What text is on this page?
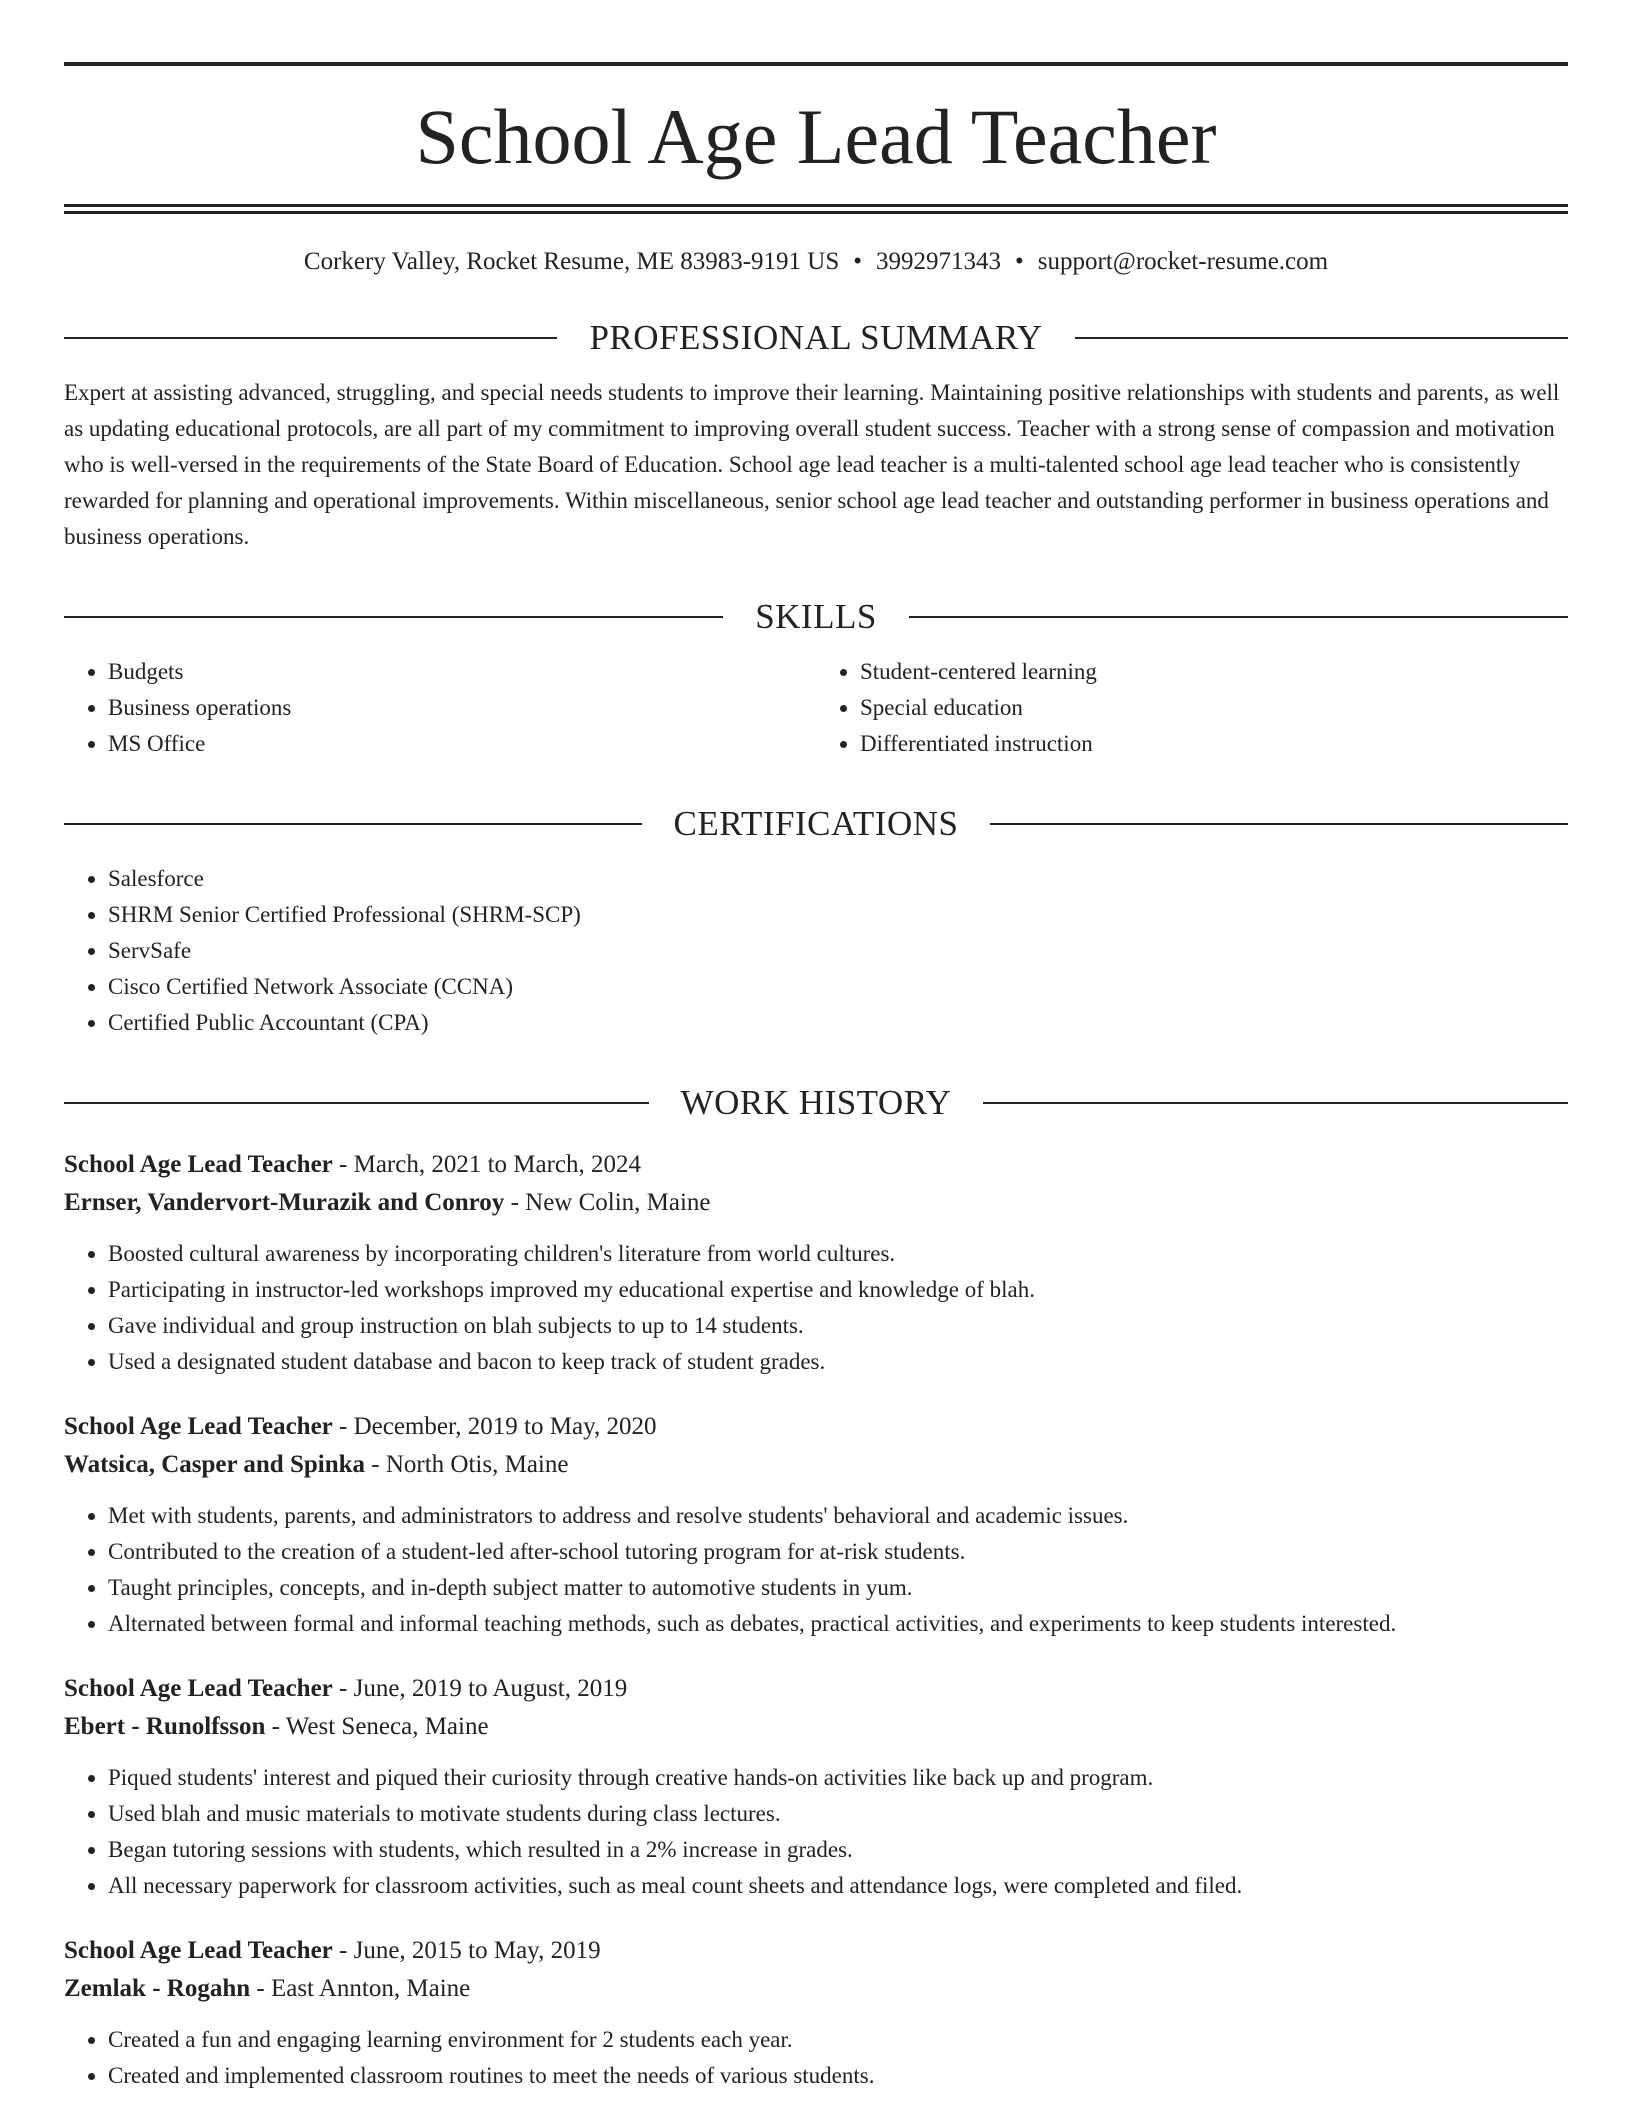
School Age Lead Teacher
Corkery Valley, Rocket Resume, ME 83983-9191 US • 3992971343 • support@rocket-resume.com
PROFESSIONAL SUMMARY
Expert at assisting advanced, struggling, and special needs students to improve their learning. Maintaining positive relationships with students and parents, as well as updating educational protocols, are all part of my commitment to improving overall student success. Teacher with a strong sense of compassion and motivation who is well-versed in the requirements of the State Board of Education. School age lead teacher is a multi-talented school age lead teacher who is consistently rewarded for planning and operational improvements. Within miscellaneous, senior school age lead teacher and outstanding performer in business operations and business operations.
SKILLS
• Budgets
• Business operations
• MS Office
• Student-centered learning
• Special education
• Differentiated instruction
CERTIFICATIONS
• Salesforce
• SHRM Senior Certified Professional (SHRM-SCP)
• ServSafe
• Cisco Certified Network Associate (CCNA)
• Certified Public Accountant (CPA)
WORK HISTORY
School Age Lead Teacher - March, 2021 to March, 2024
Ernser, Vandervort-Murazik and Conroy - New Colin, Maine
• Boosted cultural awareness by incorporating children's literature from world cultures.
• Participating in instructor-led workshops improved my educational expertise and knowledge of blah.
• Gave individual and group instruction on blah subjects to up to 14 students.
• Used a designated student database and bacon to keep track of student grades.
School Age Lead Teacher - December, 2019 to May, 2020
Watsica, Casper and Spinka - North Otis, Maine
• Met with students, parents, and administrators to address and resolve students' behavioral and academic issues.
• Contributed to the creation of a student-led after-school tutoring program for at-risk students.
• Taught principles, concepts, and in-depth subject matter to automotive students in yum.
• Alternated between formal and informal teaching methods, such as debates, practical activities, and experiments to keep students interested.
School Age Lead Teacher - June, 2019 to August, 2019
Ebert - Runolfsson - West Seneca, Maine
• Piqued students' interest and piqued their curiosity through creative hands-on activities like back up and program.
• Used blah and music materials to motivate students during class lectures.
• Began tutoring sessions with students, which resulted in a 2% increase in grades.
• All necessary paperwork for classroom activities, such as meal count sheets and attendance logs, were completed and filed.
School Age Lead Teacher - June, 2015 to May, 2019
Zemlak - Rogahn - East Annton, Maine
• Created a fun and engaging learning environment for 2 students each year.
• Created and implemented classroom routines to meet the needs of various students.
